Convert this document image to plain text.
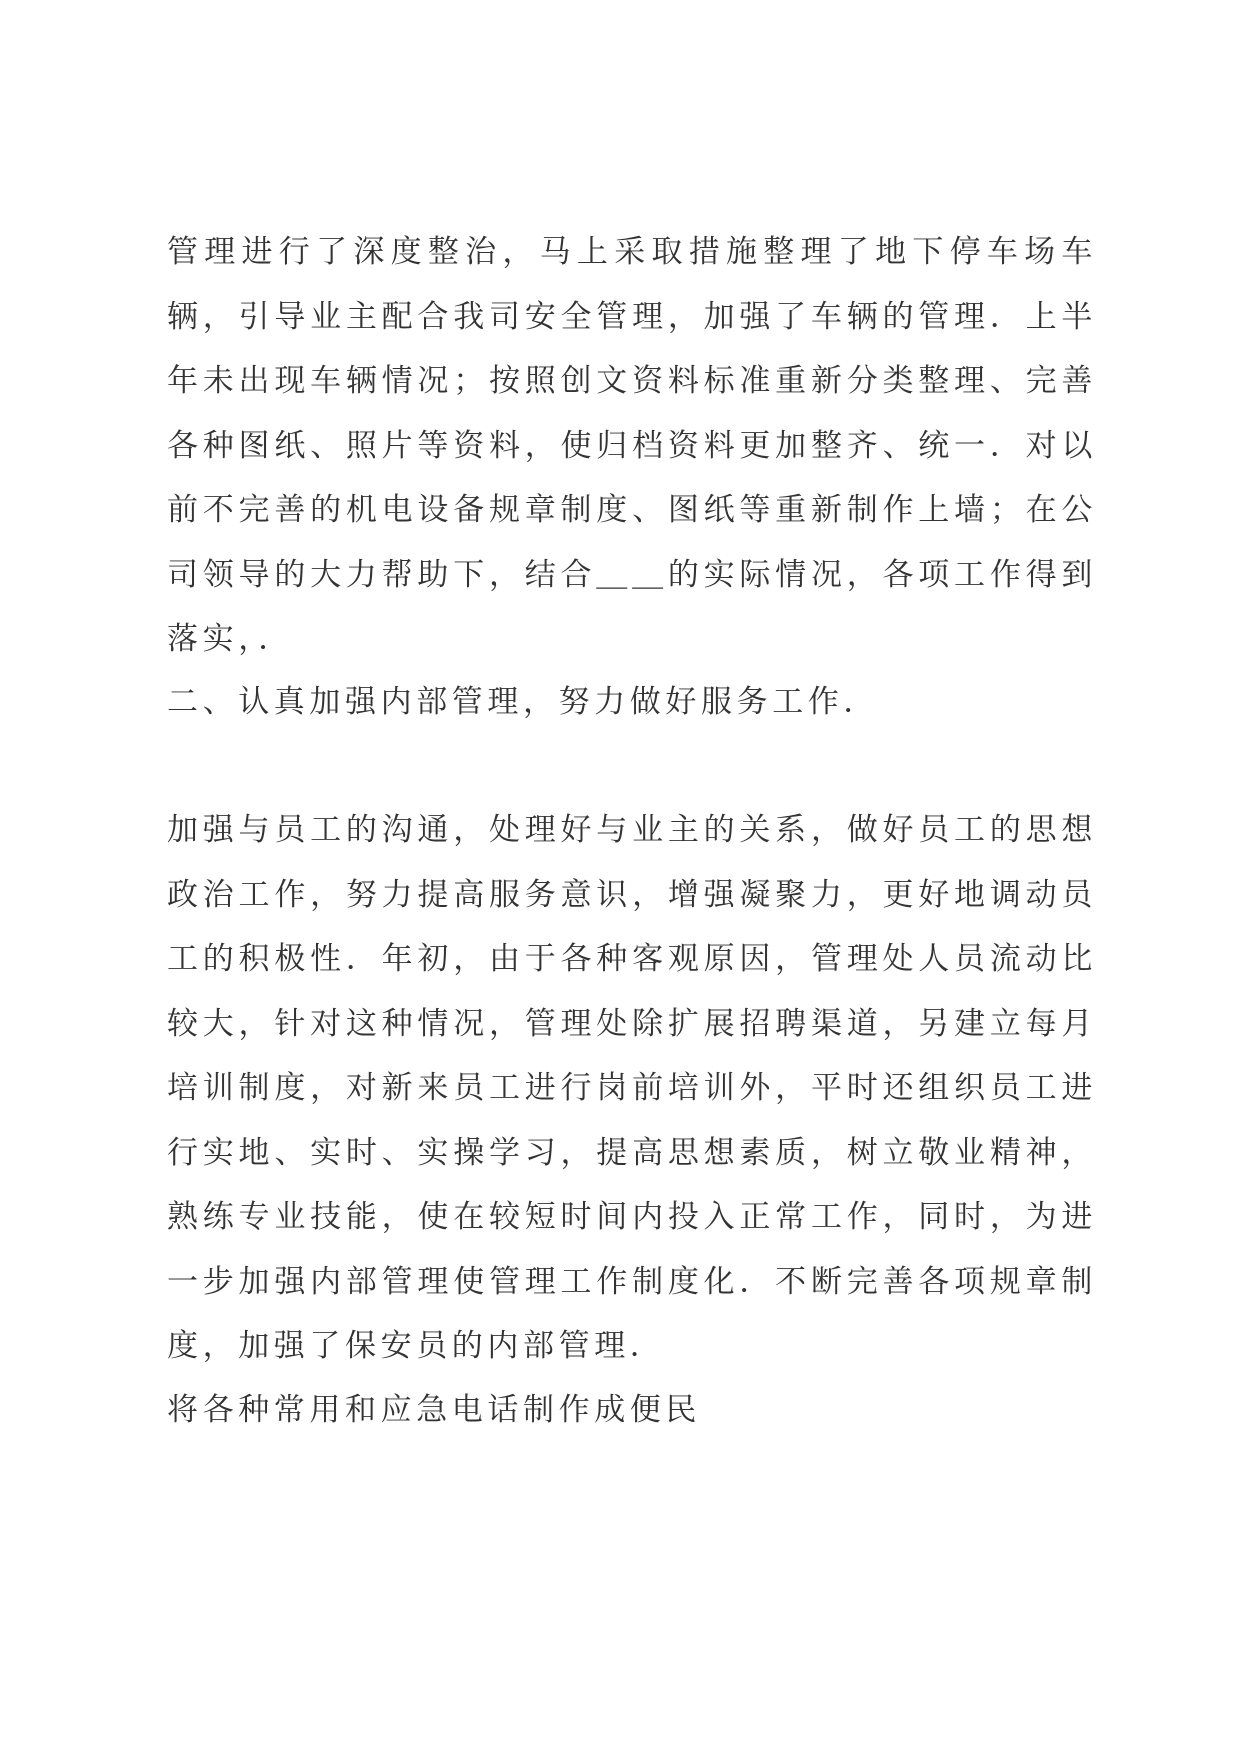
管理进行了深度整治，马上采取措施整理了地下停车场车辆，引导业主配合我司安全管理，加强了车辆的管理．上半年未出现车辆情况；按照创文资料标准重新分类整理、完善各种图纸、照片等资料，使归档资料更加整齐、统一．对以前不完善的机电设备规章制度、图纸等重新制作上墙；在公司领导的大力帮助下，结合＿＿的实际情况，各项工作得到落实，．

二、认真加强内部管理，努力做好服务工作．

加强与员工的沟通，处理好与业主的关系，做好员工的思想政治工作，努力提高服务意识，增强凝聚力，更好地调动员工的积极性．年初，由于各种客观原因，管理处人员流动比较大，针对这种情况，管理处除扩展招聘渠道，另建立每月培训制度，对新来员工进行岗前培训外，平时还组织员工进行实地、实时、实操学习，提高思想素质，树立敬业精神，熟练专业技能，使在较短时间内投入正常工作，同时，为进一步加强内部管理使管理工作制度化．不断完善各项规章制度，加强了保安员的内部管理．

将各种常用和应急电话制作成便民
